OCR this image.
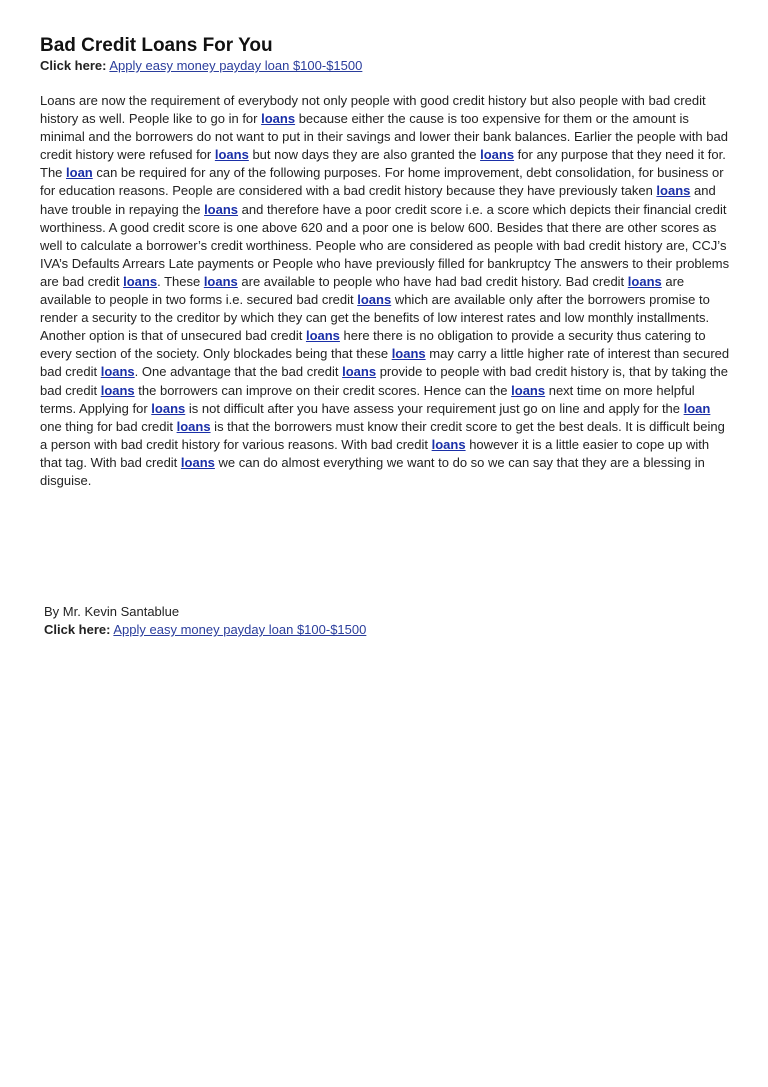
Bad Credit Loans For You

Click here: Apply easy money payday loan $100-$1500

Loans are now the requirement of everybody not only people with good credit history but also people with bad credit history as well. People like to go in for loans because either the cause is too expensive for them or the amount is minimal and the borrowers do not want to put in their savings and lower their bank balances. Earlier the people with bad credit history were refused for loans but now days they are also granted the loans for any purpose that they need it for. The loan can be required for any of the following purposes. For home improvement, debt consolidation, for business or for education reasons. People are considered with a bad credit history because they have previously taken loans and have trouble in repaying the loans and therefore have a poor credit score i.e. a score which depicts their financial credit worthiness. A good credit score is one above 620 and a poor one is below 600. Besides that there are other scores as well to calculate a borrower’s credit worthiness. People who are considered as people with bad credit history are, CCJ’s IVA’s Defaults Arrears Late payments or People who have previously filled for bankruptcy The answers to their problems are bad credit loans. These loans are available to people who have had bad credit history. Bad credit loans are available to people in two forms i.e. secured bad credit loans which are available only after the borrowers promise to render a security to the creditor by which they can get the benefits of low interest rates and low monthly installments. Another option is that of unsecured bad credit loans here there is no obligation to provide a security thus catering to every section of the society. Only blockades being that these loans may carry a little higher rate of interest than secured bad credit loans. One advantage that the bad credit loans provide to people with bad credit history is, that by taking the bad credit loans the borrowers can improve on their credit scores. Hence can the loans next time on more helpful terms. Applying for loans is not difficult after you have assess your requirement just go on line and apply for the loan one thing for bad credit loans is that the borrowers must know their credit score to get the best deals. It is difficult being a person with bad credit history for various reasons. With bad credit loans however it is a little easier to cope up with that tag. With bad credit loans we can do almost everything we want to do so we can say that they are a blessing in disguise.

By Mr. Kevin Santablue

Click here: Apply easy money payday loan $100-$1500
